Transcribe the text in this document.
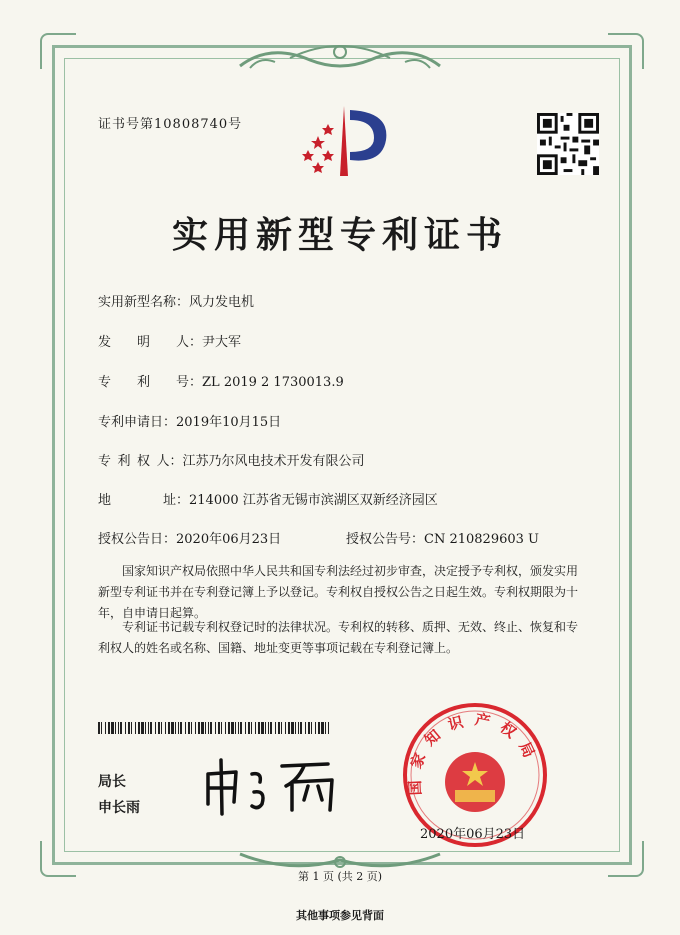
证书号第10808740号
实用新型专利证书
实用新型名称：风力发电机
发　　明　　人：尹大军
专　　利　　号：ZL 2019 2 1730013.9
专利申请日：2019年10月15日
专 利 权 人：江苏乃尔风电技术开发有限公司
地　　　　址：214000 江苏省无锡市滨湖区双新经济园区
授权公告日：2020年06月23日	授权公告号：CN 210829603 U
国家知识产权局依照中华人民共和国专利法经过初步审查，决定授予专利权，颁发实用
新型专利证书并在专利登记簿上予以登记。专利权自授权公告之日起生效。专利权期限为十
年，自申请日起算。
专利证书记载专利权登记时的法律状况。专利权的转移、质押、无效、终止、恢复和专
利权人的姓名或名称、国籍、地址变更等事项记载在专利登记簿上。
局长
申长雨
国家知识产权局
2020年06月23日
第 1 页 (共 2 页)
其他事项参见背面
